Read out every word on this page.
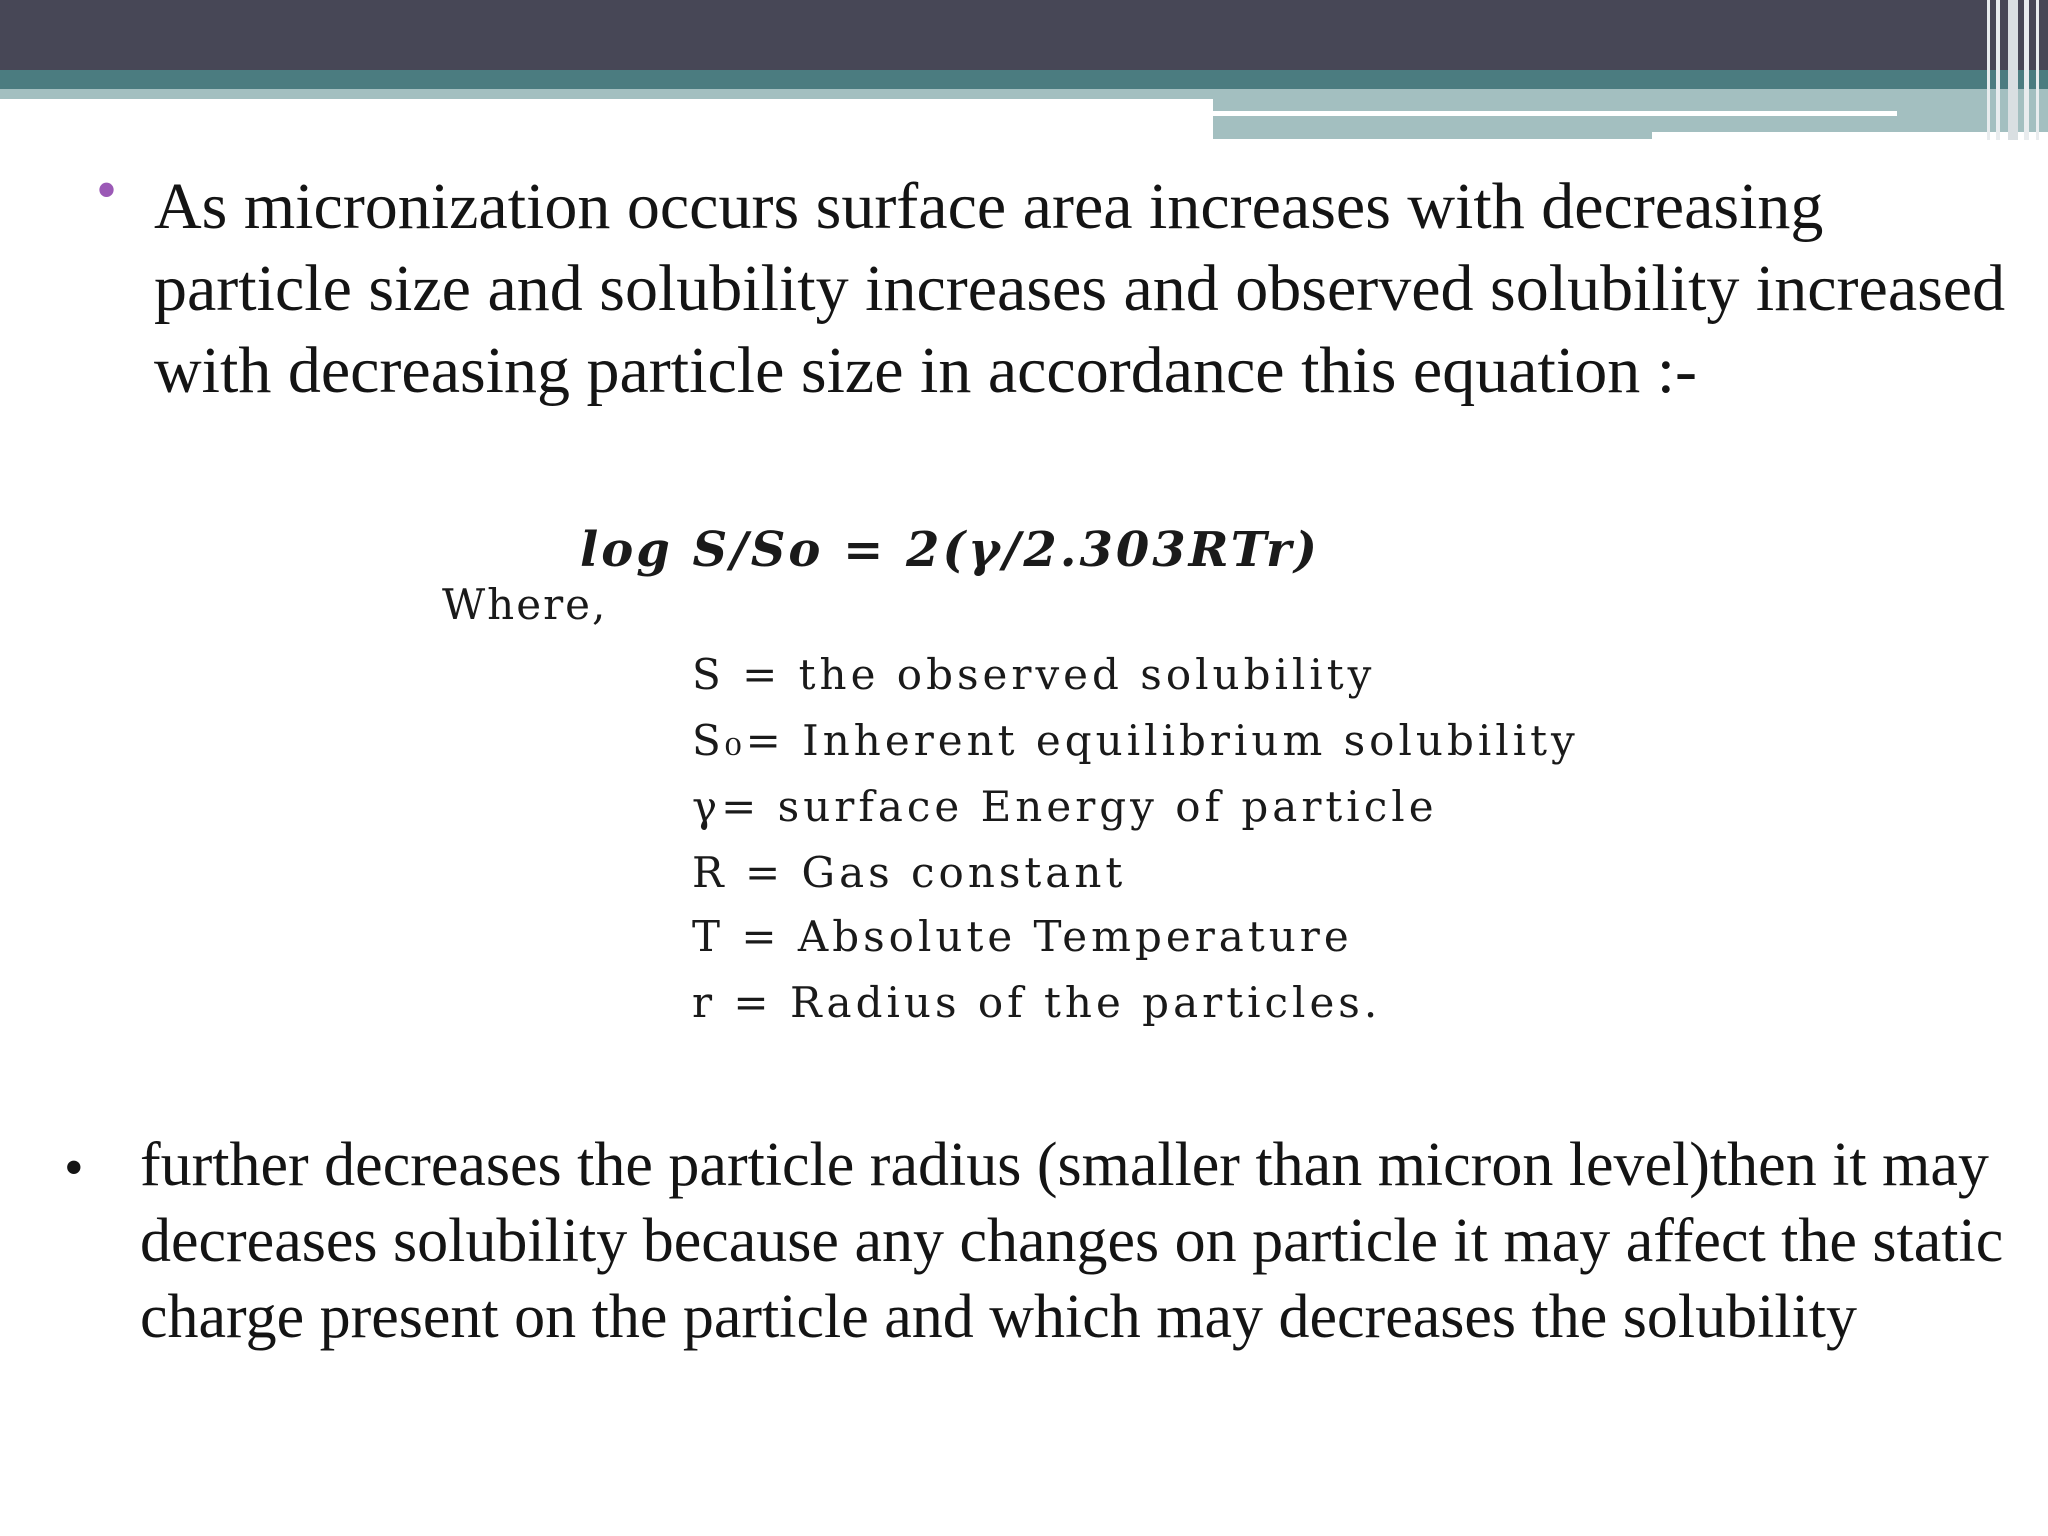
• As micronization occurs surface area increases with decreasing particle size and solubility increases and observed solubility increased with decreasing particle size in accordance this equation :-

log S/So = 2(γ/2.303RTr)
Where,
S = the observed solubility
S₀= Inherent equilibrium solubility
γ= surface Energy of particle
R = Gas constant
T = Absolute Temperature
r = Radius of the particles.
• further decreases the particle radius (smaller than micron level)then it may decreases solubility because any changes on particle it may affect the static charge present on the particle and which may decreases the solubility
